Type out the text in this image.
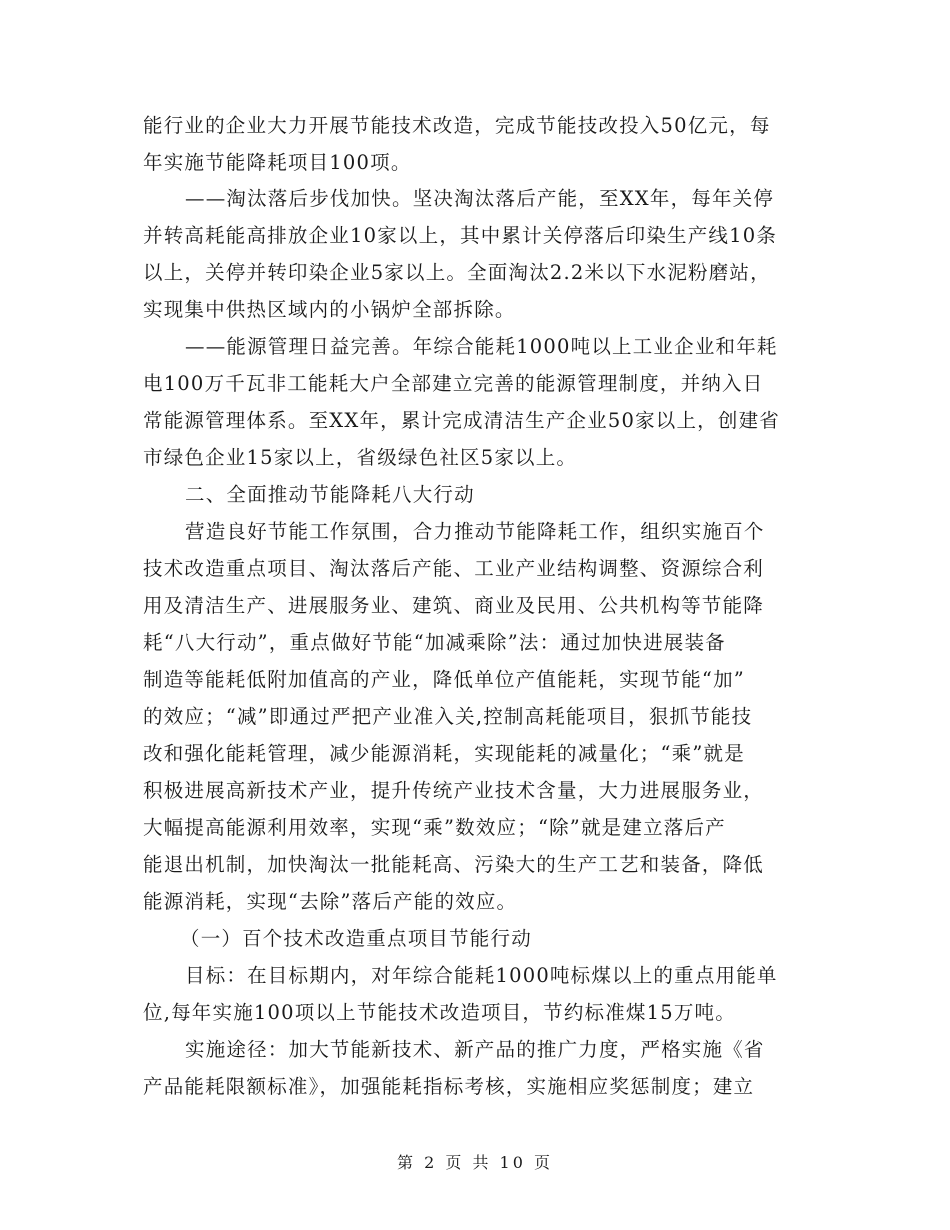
能行业的企业大力开展节能技术改造，完成节能技改投入50亿元，每
年实施节能降耗项目100项。
——淘汰落后步伐加快。坚决淘汰落后产能，至XX年，每年关停
并转高耗能高排放企业10家以上，其中累计关停落后印染生产线10条
以上，关停并转印染企业5家以上。全面淘汰2.2米以下水泥粉磨站，
实现集中供热区域内的小锅炉全部拆除。
——能源管理日益完善。年综合能耗1000吨以上工业企业和年耗
电100万千瓦非工能耗大户全部建立完善的能源管理制度，并纳入日
常能源管理体系。至XX年，累计完成清洁生产企业50家以上，创建省
市绿色企业15家以上，省级绿色社区5家以上。
二、全面推动节能降耗八大行动
营造良好节能工作氛围，合力推动节能降耗工作，组织实施百个
技术改造重点项目、淘汰落后产能、工业产业结构调整、资源综合利
用及清洁生产、进展服务业、建筑、商业及民用、公共机构等节能降
耗“八大行动”，重点做好节能“加减乘除”法：通过加快进展装备
制造等能耗低附加值高的产业，降低单位产值能耗，实现节能“加”
的效应；“减”即通过严把产业准入关,控制高耗能项目，狠抓节能技
改和强化能耗管理，减少能源消耗，实现能耗的减量化；“乘”就是
积极进展高新技术产业，提升传统产业技术含量，大力进展服务业，
大幅提高能源利用效率，实现“乘”数效应；“除”就是建立落后产
能退出机制，加快淘汰一批能耗高、污染大的生产工艺和装备，降低
能源消耗，实现“去除”落后产能的效应。
（一）百个技术改造重点项目节能行动
目标：在目标期内，对年综合能耗1000吨标煤以上的重点用能单
位,每年实施100项以上节能技术改造项目，节约标准煤15万吨。
实施途径：加大节能新技术、新产品的推广力度，严格实施《省
产品能耗限额标准》，加强能耗指标考核，实施相应奖惩制度；建立
第 2 页 共 10 页
